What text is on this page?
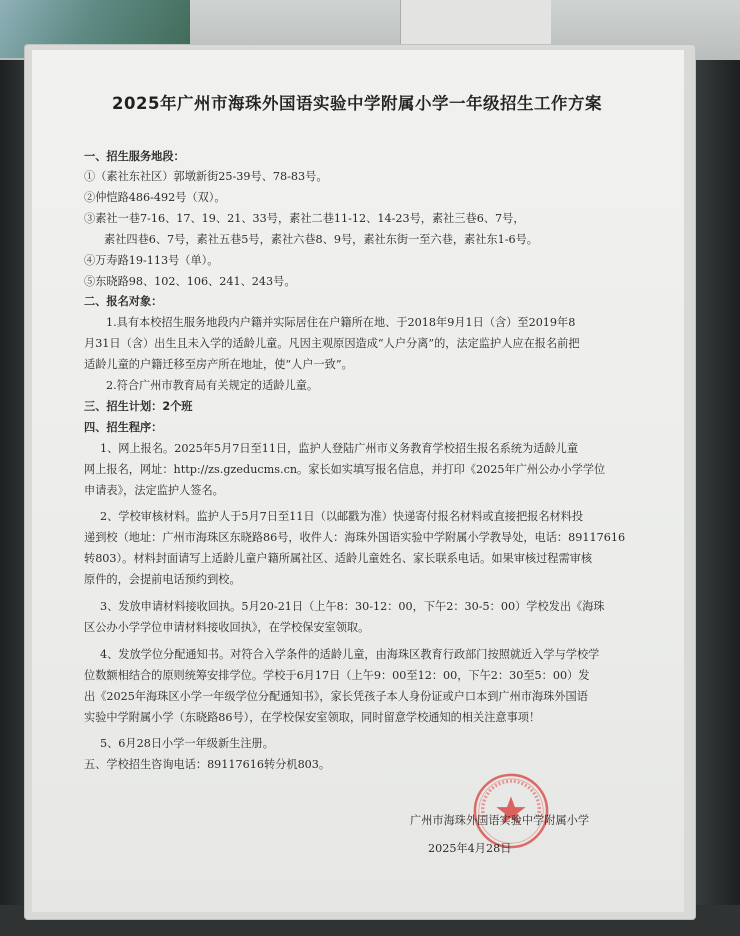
2025年广州市海珠外国语实验中学附属小学一年级招生工作方案
一、招生服务地段：
①（素社东社区）郭墩新街25-39号、78-83号。
②仲恺路486-492号（双）。
③素社一巷7-16、17、19、21、33号，素社二巷11-12、14-23号，素社三巷6、7号，
素社四巷6、7号，素社五巷5号，素社六巷8、9号，素社东街一至六巷，素社东1-6号。
④万寿路19-113号（单）。
⑤东晓路98、102、106、241、243号。
二、报名对象：
1.具有本校招生服务地段内户籍并实际居住在户籍所在地、于2018年9月1日（含）至2019年8
月31日（含）出生且未入学的适龄儿童。凡因主观原因造成“人户分离”的，法定监护人应在报名前把
适龄儿童的户籍迁移至房产所在地址，使“人户一致”。
2.符合广州市教育局有关规定的适龄儿童。
三、招生计划：2个班
四、招生程序：
1、网上报名。2025年5月7日至11日，监护人登陆广州市义务教育学校招生报名系统为适龄儿童
网上报名，网址：http://zs.gzeducms.cn。家长如实填写报名信息，并打印《2025年广州公办小学学位
申请表》，法定监护人签名。
2、学校审核材料。监护人于5月7日至11日（以邮戳为准）快递寄付报名材料或直接把报名材料投
递到校（地址：广州市海珠区东晓路86号，收件人：海珠外国语实验中学附属小学教导处，电话：89117616
转803）。材料封面请写上适龄儿童户籍所属社区、适龄儿童姓名、家长联系电话。如果审核过程需审核
原件的，会提前电话预约到校。
3、发放申请材料接收回执。5月20-21日（上午8：30-12：00，下午2：30-5：00）学校发出《海珠
区公办小学学位申请材料接收回执》，在学校保安室领取。
4、发放学位分配通知书。对符合入学条件的适龄儿童，由海珠区教育行政部门按照就近入学与学校学
位数额相结合的原则统筹安排学位。学校于6月17日（上午9：00至12：00，下午2：30至5：00）发
出《2025年海珠区小学一年级学位分配通知书》，家长凭孩子本人身份证或户口本到广州市海珠外国语
实验中学附属小学（东晓路86号），在学校保安室领取，同时留意学校通知的相关注意事项！
5、6月28日小学一年级新生注册。
五、学校招生咨询电话：89117616转分机803。
广州市海珠外国语实验中学附属小学
2025年4月28日
